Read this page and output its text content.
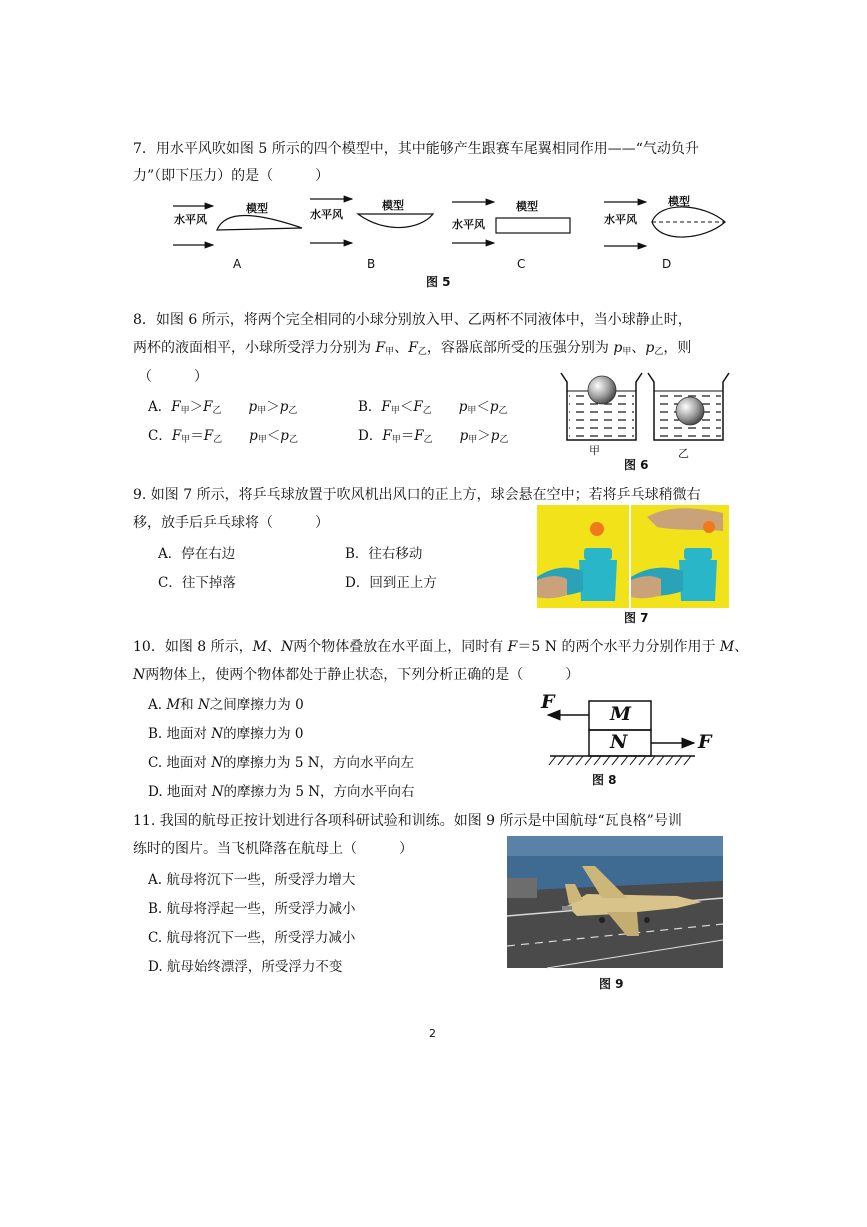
7．用水平风吹如图 5 所示的四个模型中，其中能够产生跟赛车尾翼相同作用——“气动负升
力”（即下压力）的是（　　　）
水平风
模型	水平风
模型
水平风
模型
水平风
模型
A	B	C	D
图 5
8．如图 6 所示，将两个完全相同的小球分别放入甲、乙两杯不同液体中，当小球静止时，
两杯的液面相平，小球所受浮力分别为 $F_甲$、$F_乙$，容器底部所受的压强分别为 $p_甲$、$p_乙$，则
（　　　）
A．$F_甲>F_乙$　　 $p_甲>p_乙$	B．$F_甲<F_乙$　　 $p_甲<p_乙$
C．$F_甲=F_乙$　　 $p_甲<p_乙$	D．$F_甲=F_乙$　　 $p_甲>p_乙$
甲	乙
图 6
9. 如图 7 所示，将乒乓球放置于吹风机出风口的正上方，球会悬在空中；若将乒乓球稍微右
移，放手后乒乓球将（　　　）
A．停在右边	B．往右移动
C．往下掉落	D．回到正上方
图 7
10．如图 8 所示，M、N两个物体叠放在水平面上，同时有 F＝5 N 的两个水平力分别作用于 M、
N两物体上，使两个物体都处于静止状态，下列分析正确的是（　　　）
A. M和 N之间摩擦力为 0
B. 地面对 N的摩擦力为 0
C. 地面对 N的摩擦力为 5 N，方向水平向左
D. 地面对 N的摩擦力为 5 N，方向水平向右
M
N
F
F
图 8
11. 我国的航母正按计划进行各项科研试验和训练。如图 9 所示是中国航母“瓦良格”号训
练时的图片。当飞机降落在航母上（　　　）
A. 航母将沉下一些，所受浮力增大
B. 航母将浮起一些，所受浮力减小
C. 航母将沉下一些，所受浮力减小
D. 航母始终漂浮，所受浮力不变
图 9
2
